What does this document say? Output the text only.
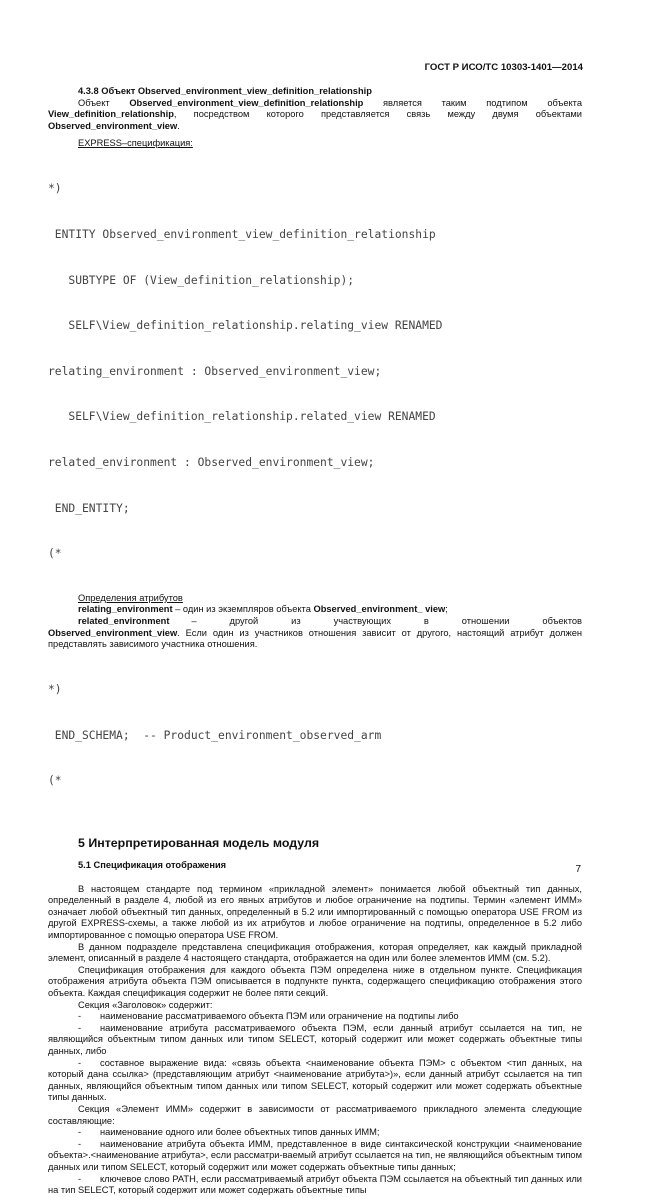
ГОСТ Р ИСО/ТС 10303-1401—2014
4.3.8 Объект Observed_environment_view_definition_relationship
Объект Observed_environment_view_definition_relationship является таким подтипом объекта View_definition_relationship, посредством которого представляется связь между двумя объектами Observed_environment_view.
EXPRESS–спецификация:

*)

ENTITY Observed_environment_view_definition_relationship

SUBTYPE OF (View_definition_relationship);

SELF\View_definition_relationship.relating_view RENAMED

relating_environment : Observed_environment_view;

SELF\View_definition_relationship.related_view RENAMED

related_environment : Observed_environment_view;

END_ENTITY;

(*

Определения атрибутов
relating_environment – один из экземпляров объекта Observed_environment_ view;
related_environment – другой из участвующих в отношении объектов
Observed_environment_view. Если один из участников отношения зависит от другого, настоящий атрибут должен представлять зависимого участника отношения.

*)

END_SCHEMA;  -- Product_environment_observed_arm

(*

5 Интерпретированная модель модуля
5.1 Спецификация отображения
В настоящем стандарте под термином «прикладной элемент» понимается любой объектный тип данных, определенный в разделе 4, любой из его явных атрибутов и любое ограничение на подтипы. Термин «элемент ИММ» означает любой объектный тип данных, определенный в 5.2 или импортированный с помощью оператора USE FROM из другой EXPRESS-схемы, а также любой из их атрибутов и любое ограничение на подтипы, определенное в 5.2 либо импортированное с помощью оператора USE FROM.
В данном подразделе представлена спецификация отображения, которая определяет, как каждый прикладной элемент, описанный в разделе 4 настоящего стандарта, отображается на один или более элементов ИММ (см. 5.2).
Спецификация отображения для каждого объекта ПЭМ определена ниже в отдельном пункте. Спецификация отображения атрибута объекта ПЭМ описывается в подпункте пункта, содержащего спецификацию отображения этого объекта. Каждая спецификация содержит не более пяти секций.
Секция «Заголовок» содержит:
- наименование рассматриваемого объекта ПЭМ или ограничение на подтипы либо
- наименование атрибута рассматриваемого объекта ПЭМ, если данный атрибут ссылается на тип, не являющийся объектным типом данных или типом SELECT, который содержит или может содержать объектные типы данных, либо
- составное выражение вида: «связь объекта <наименование объекта ПЭМ> с объектом <тип данных, на который дана ссылка> (представляющим атрибут <наименование атрибута>)», если данный атрибут ссылается на тип данных, являющийся объектным типом данных или типом SELECT, который содержит или может содержать объектные типы данных.
Секция «Элемент ИММ» содержит в зависимости от рассматриваемого прикладного элемента следующие составляющие:
- наименование одного или более объектных типов данных ИММ;
- наименование атрибута объекта ИММ, представленное в виде синтаксической конструкции <наименование объекта>.<наименование атрибута>, если рассматри-ваемый атрибут ссылается на тип, не являющийся объектным типом данных или типом SELECT, который содержит или может содержать объектные типы данных;
- ключевое слово PATH, если рассматриваемый атрибут объекта ПЭМ ссылается на объектный тип данных или на тип SELECT, который содержит или может содержать объектные типы
7
